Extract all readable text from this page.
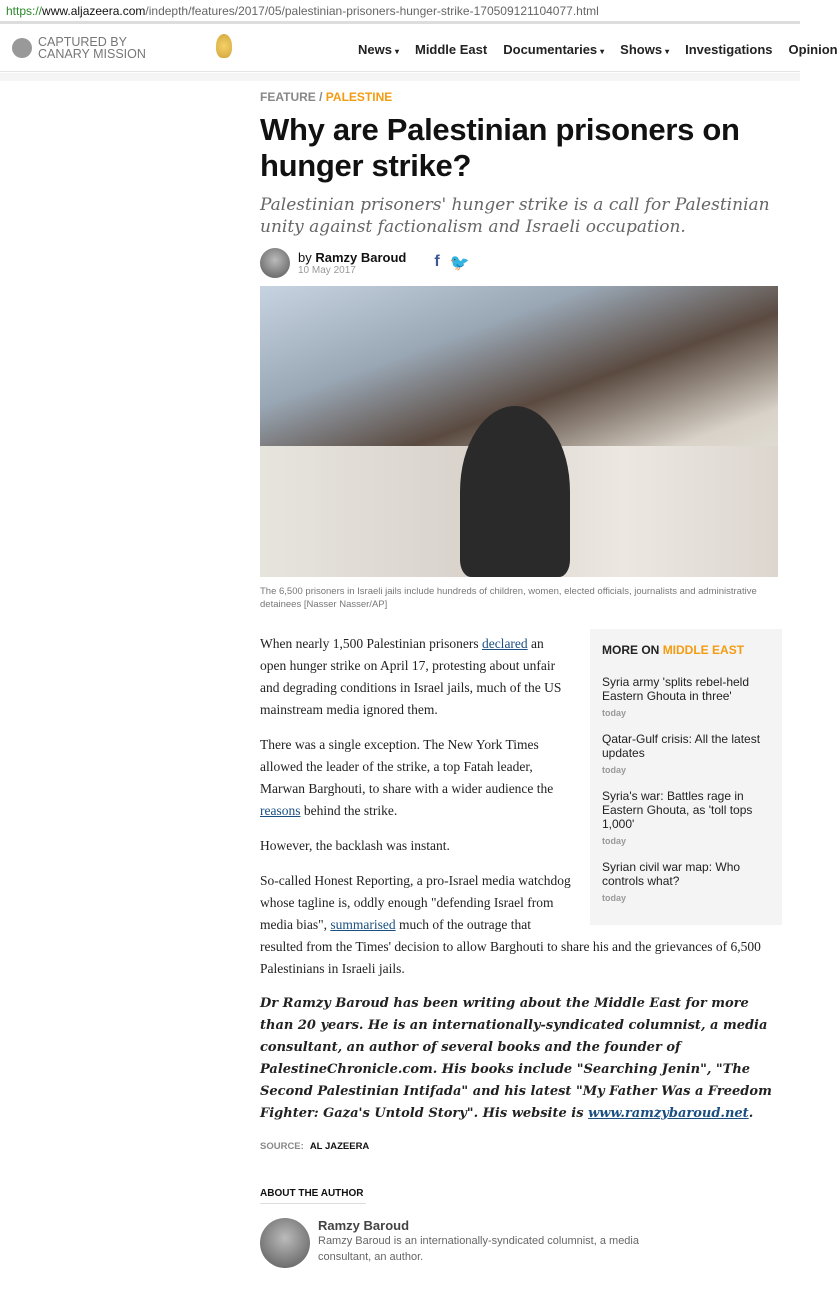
https://www.aljazeera.com/indepth/features/2017/05/palestinian-prisoners-hunger-strike-170509121104077.html
CAPTURED BY
CANARY MISSION	News ▾ Middle East Documentaries ▾ Shows ▾ Investigations Opinion
FEATURE / PALESTINE
Why are Palestinian prisoners on hunger strike?
Palestinian prisoners' hunger strike is a call for Palestinian unity against factionalism and Israeli occupation.
by Ramzy Baroud
10 May 2017
f 🐦
The 6,500 prisoners in Israeli jails include hundreds of children, women, elected officials, journalists and administrative detainees [Nasser Nasser/AP]
MORE ON MIDDLE EAST
Syria army 'splits rebel-held Eastern Ghouta in three'
today
Qatar-Gulf crisis: All the latest updates
today
Syria's war: Battles rage in Eastern Ghouta, as 'toll tops 1,000'
today
Syrian civil war map: Who controls what?
today

When nearly 1,500 Palestinian prisoners declared an open hunger strike on April 17, protesting about unfair and degrading conditions in Israel jails, much of the US mainstream media ignored them.

There was a single exception. The New York Times allowed the leader of the strike, a top Fatah leader, Marwan Barghouti, to share with a wider audience the reasons behind the strike.

However, the backlash was instant.

So-called Honest Reporting, a pro-Israel media watchdog whose tagline is, oddly enough "defending Israel from media bias", summarised much of the outrage that resulted from the Times' decision to allow Barghouti to share his and the grievances of 6,500 Palestinians in Israeli jails.

Dr Ramzy Baroud has been writing about the Middle East for more than 20 years. He is an internationally-syndicated columnist, a media consultant, an author of several books and the founder of PalestineChronicle.com. His books include "Searching Jenin", "The Second Palestinian Intifada" and his latest "My Father Was a Freedom Fighter: Gaza's Untold Story". His website is www.ramzybaroud.net.
SOURCE: AL JAZEERA
ABOUT THE AUTHOR
Ramzy Baroud
Ramzy Baroud is an internationally-syndicated columnist, a media consultant, an author.
